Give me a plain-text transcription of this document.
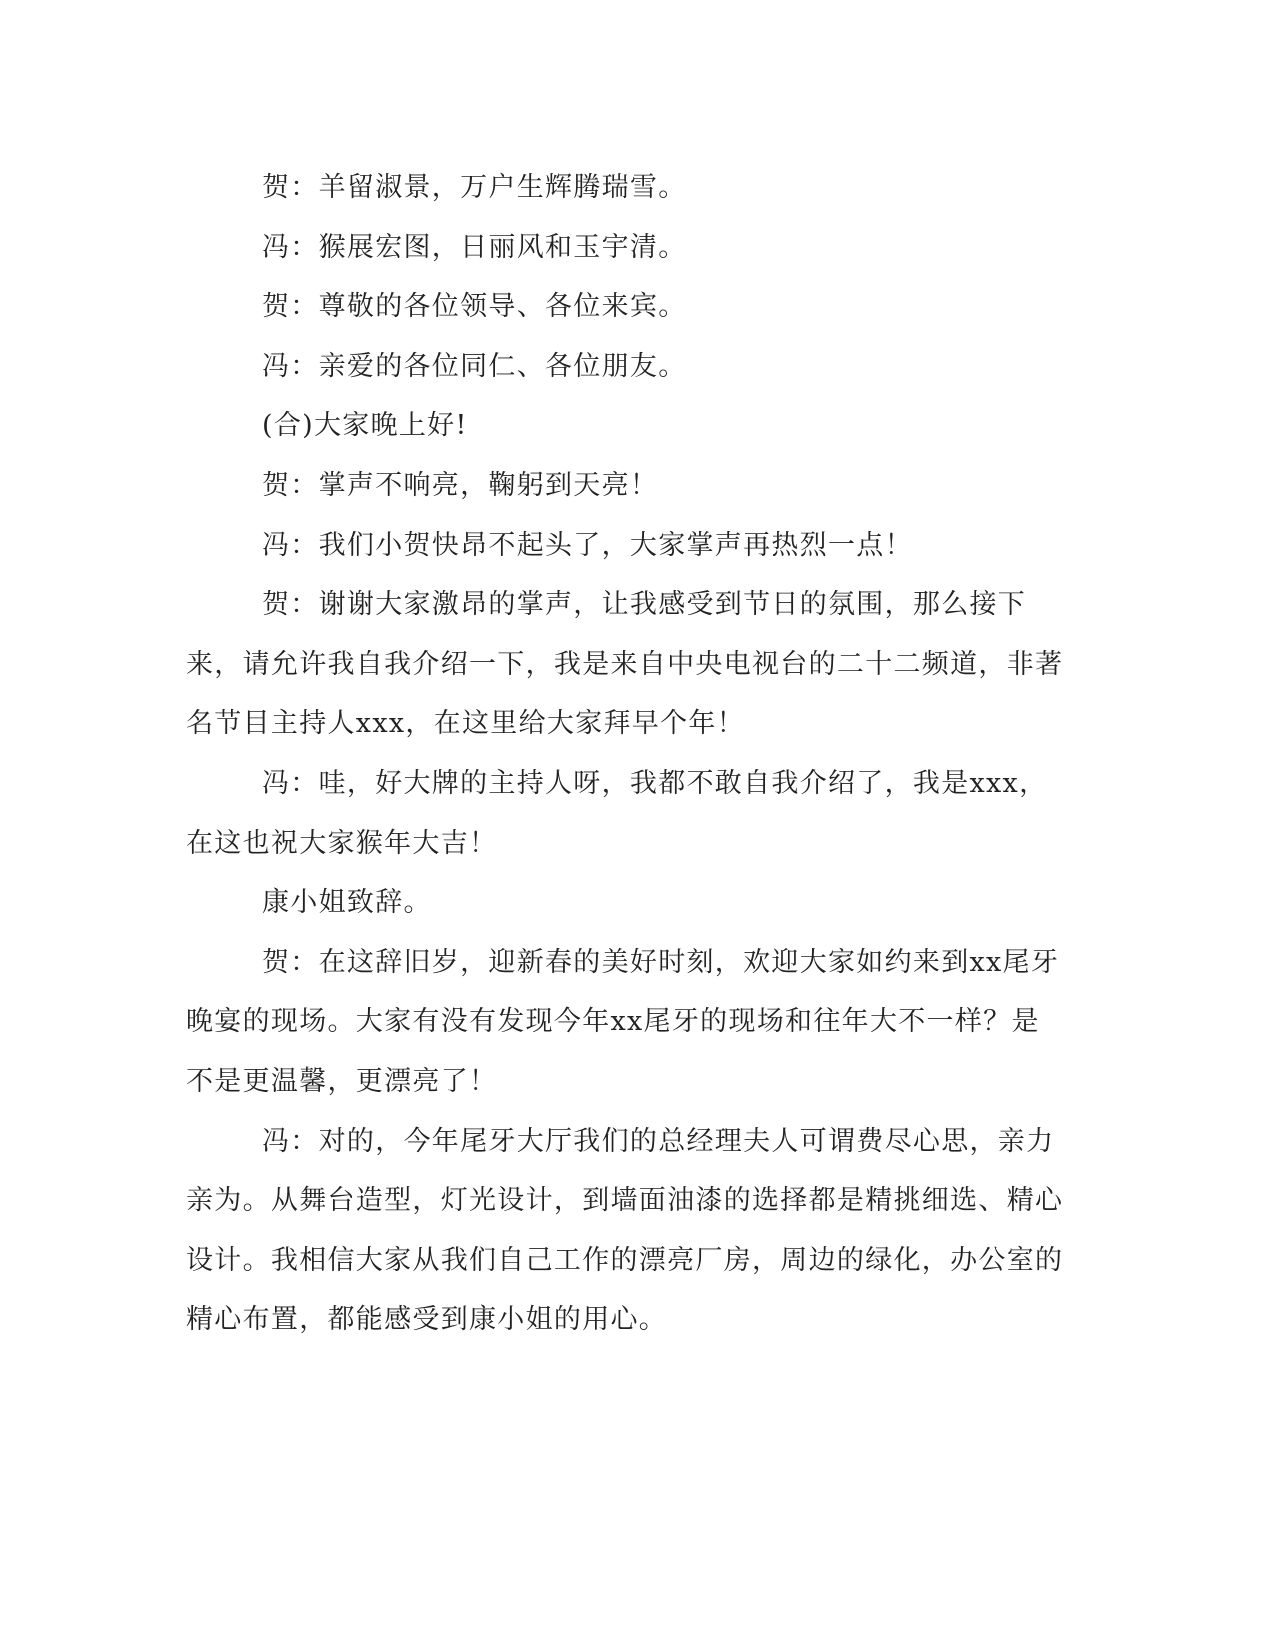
贺：羊留淑景，万户生辉腾瑞雪。

冯：猴展宏图，日丽风和玉宇清。

贺：尊敬的各位领导、各位来宾。

冯：亲爱的各位同仁、各位朋友。

(合)大家晚上好!

贺：掌声不响亮，鞠躬到天亮！

冯：我们小贺快昂不起头了，大家掌声再热烈一点！

贺：谢谢大家激昂的掌声，让我感受到节日的氛围，那么接下来，请允许我自我介绍一下，我是来自中央电视台的二十二频道，非著名节目主持人xxx，在这里给大家拜早个年！

冯：哇，好大牌的主持人呀，我都不敢自我介绍了，我是xxx，在这也祝大家猴年大吉！

康小姐致辞。

贺：在这辞旧岁，迎新春的美好时刻，欢迎大家如约来到xx尾牙晚宴的现场。大家有没有发现今年xx尾牙的现场和往年大不一样？是不是更温馨，更漂亮了！

冯：对的，今年尾牙大厅我们的总经理夫人可谓费尽心思，亲力亲为。从舞台造型，灯光设计，到墙面油漆的选择都是精挑细选、精心设计。我相信大家从我们自己工作的漂亮厂房，周边的绿化，办公室的精心布置，都能感受到康小姐的用心。
